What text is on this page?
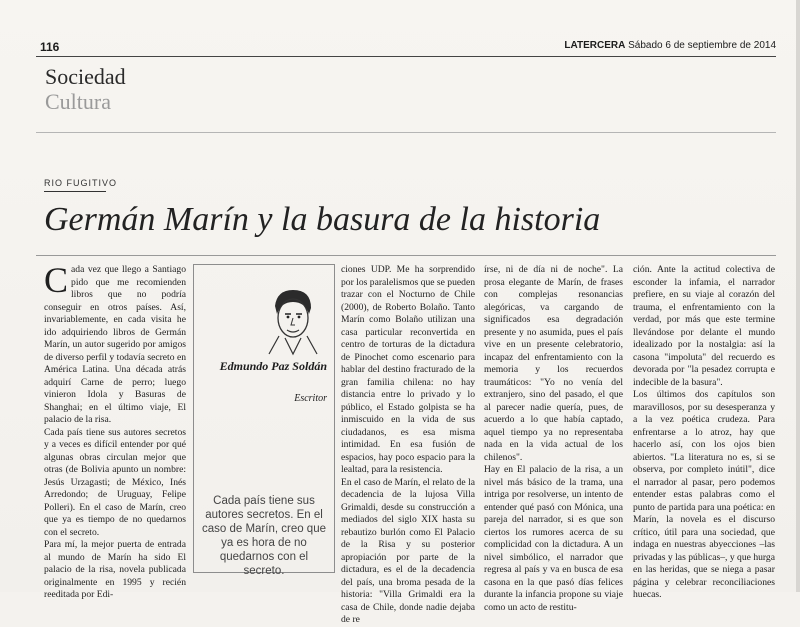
116	LATERCERA Sábado 6 de septiembre de 2014
Sociedad
Cultura
RIO FUGITIVO
Germán Marín y la basura de la historia

Cada vez que llego a Santiago pido que me recomienden libros que no podría conseguir en otros países. Así, invariablemente, en cada visita he ido adquiriendo libros de Germán Marín, un autor sugerido por amigos de diverso perfil y todavía secreto en América Latina. Una década atrás adquirí Carne de perro; luego vinieron Idola y Basuras de Shanghai; en el último viaje, El palacio de la risa.

Cada país tiene sus autores secretos y a veces es difícil entender por qué algunas obras circulan mejor que otras (de Bolivia apunto un nombre: Jesús Urzagasti; de México, Inés Arredondo; de Uruguay, Felipe Polleri). En el caso de Marín, creo que ya es tiempo de no quedarnos con el secreto.

Para mí, la mejor puerta de entrada al mundo de Marín ha sido El palacio de la risa, novela publicada originalmente en 1995 y recién reeditada por Edi-

Edmundo Paz Soldán
Escritor
Cada país tiene sus autores secretos. En el caso de Marín, creo que ya es hora de no quedarnos con el secreto.

ciones UDP. Me ha sorprendido por los paralelismos que se pueden trazar con el Nocturno de Chile (2000), de Roberto Bolaño. Tanto Marín como Bolaño utilizan una casa particular reconvertida en centro de torturas de la dictadura de Pinochet como escenario para hablar del destino fracturado de la gran familia chilena: no hay distancia entre lo privado y lo público, el Estado golpista se ha inmiscuido en la vida de sus ciudadanos, es esa misma intimidad. En esa fusión de espacios, hay poco espacio para la lealtad, para la resistencia.

En el caso de Marín, el relato de la decadencia de la lujosa Villa Grimaldi, desde su construcción a mediados del siglo XIX hasta su rebautizo burlón como El Palacio de la Risa y su posterior apropiación por parte de la dictadura, es el de la decadencia del país, una broma pesada de la historia: "Villa Grimaldi era la casa de Chile, donde nadie dejaba de re

írse, ni de día ni de noche". La prosa elegante de Marín, de frases con complejas resonancias alegóricas, va cargando de significados esa degradación presente y no asumida, pues el país vive en un presente celebratorio, incapaz del enfrentamiento con la memoria y los recuerdos traumáticos: "Yo no venía del extranjero, sino del pasado, el que al parecer nadie quería, pues, de acuerdo a lo que había captado, aquel tiempo ya no representaba nada en la vida actual de los chilenos".

Hay en El palacio de la risa, a un nivel más básico de la trama, una intriga por resolverse, un intento de entender qué pasó con Mónica, una pareja del narrador, si es que son ciertos los rumores acerca de su complicidad con la dictadura. A un nivel simbólico, el narrador que regresa al país y va en busca de esa casona en la que pasó días felices durante la infancia propone su viaje como un acto de restitu-

ción. Ante la actitud colectiva de esconder la infamia, el narrador prefiere, en su viaje al corazón del trauma, el enfrentamiento con la verdad, por más que este termine llevándose por delante el mundo idealizado por la nostalgia: así la casona "impoluta" del recuerdo es devorada por "la pesadez corrupta e indecible de la basura".

Los últimos dos capítulos son maravillosos, por su desesperanza y a la vez poética crudeza. Para enfrentarse a lo atroz, hay que hacerlo así, con los ojos bien abiertos. "La literatura no es, si se observa, por completo inútil", dice el narrador al pasar, pero podemos entender estas palabras como el punto de partida para una poética: en Marín, la novela es el discurso crítico, útil para una sociedad, que indaga en nuestras abyecciones –las privadas y las públicas–, y que hurga en las heridas, que se niega a pasar página y celebrar reconciliaciones huecas.
